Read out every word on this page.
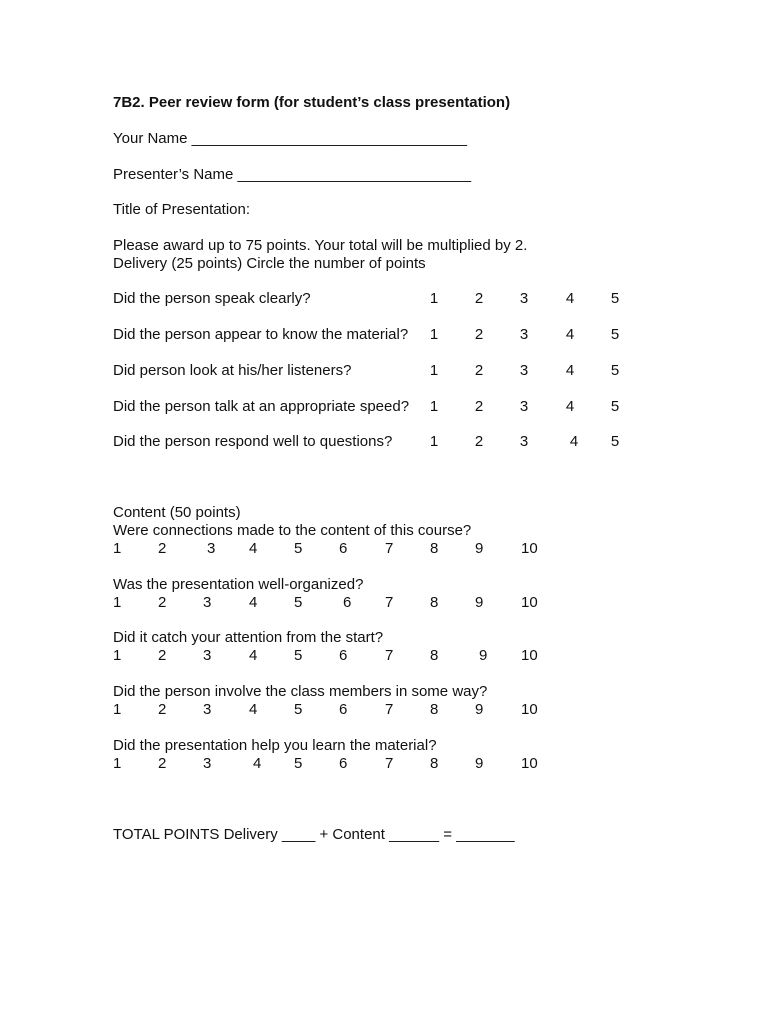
7B2. Peer review form (for student’s class presentation)
Your Name _________________________________
Presenter’s Name ____________________________
Title of Presentation:
Please award up to 75 points. Your total will be multiplied by 2.
Delivery (25 points) Circle the number of points
Did the person speak clearly?	1	2	3	4	5
Did the person appear to know the material?	1	2	3	4	5
Did person look at his/her listeners?	1	2	3	4	5
Did the person talk at an appropriate speed?	1	2	3	4	5
Did the person respond well to questions?	1	2	3	4	5
Content (50 points)
Were connections made to the content of this course?
1	2	3	4	5	6	7	8	9	10
Was the presentation well-organized?
1	2	3	4	5	6	7	8	9	10
Did it catch your attention from the start?
1	2	3	4	5	6	7	8	9	10
Did the person involve the class members in some way?
1	2	3	4	5	6	7	8	9	10
Did the presentation help you learn the material?
1	2	3	4	5	6	7	8	9	10
TOTAL POINTS Delivery ____ + Content ______ = _______
